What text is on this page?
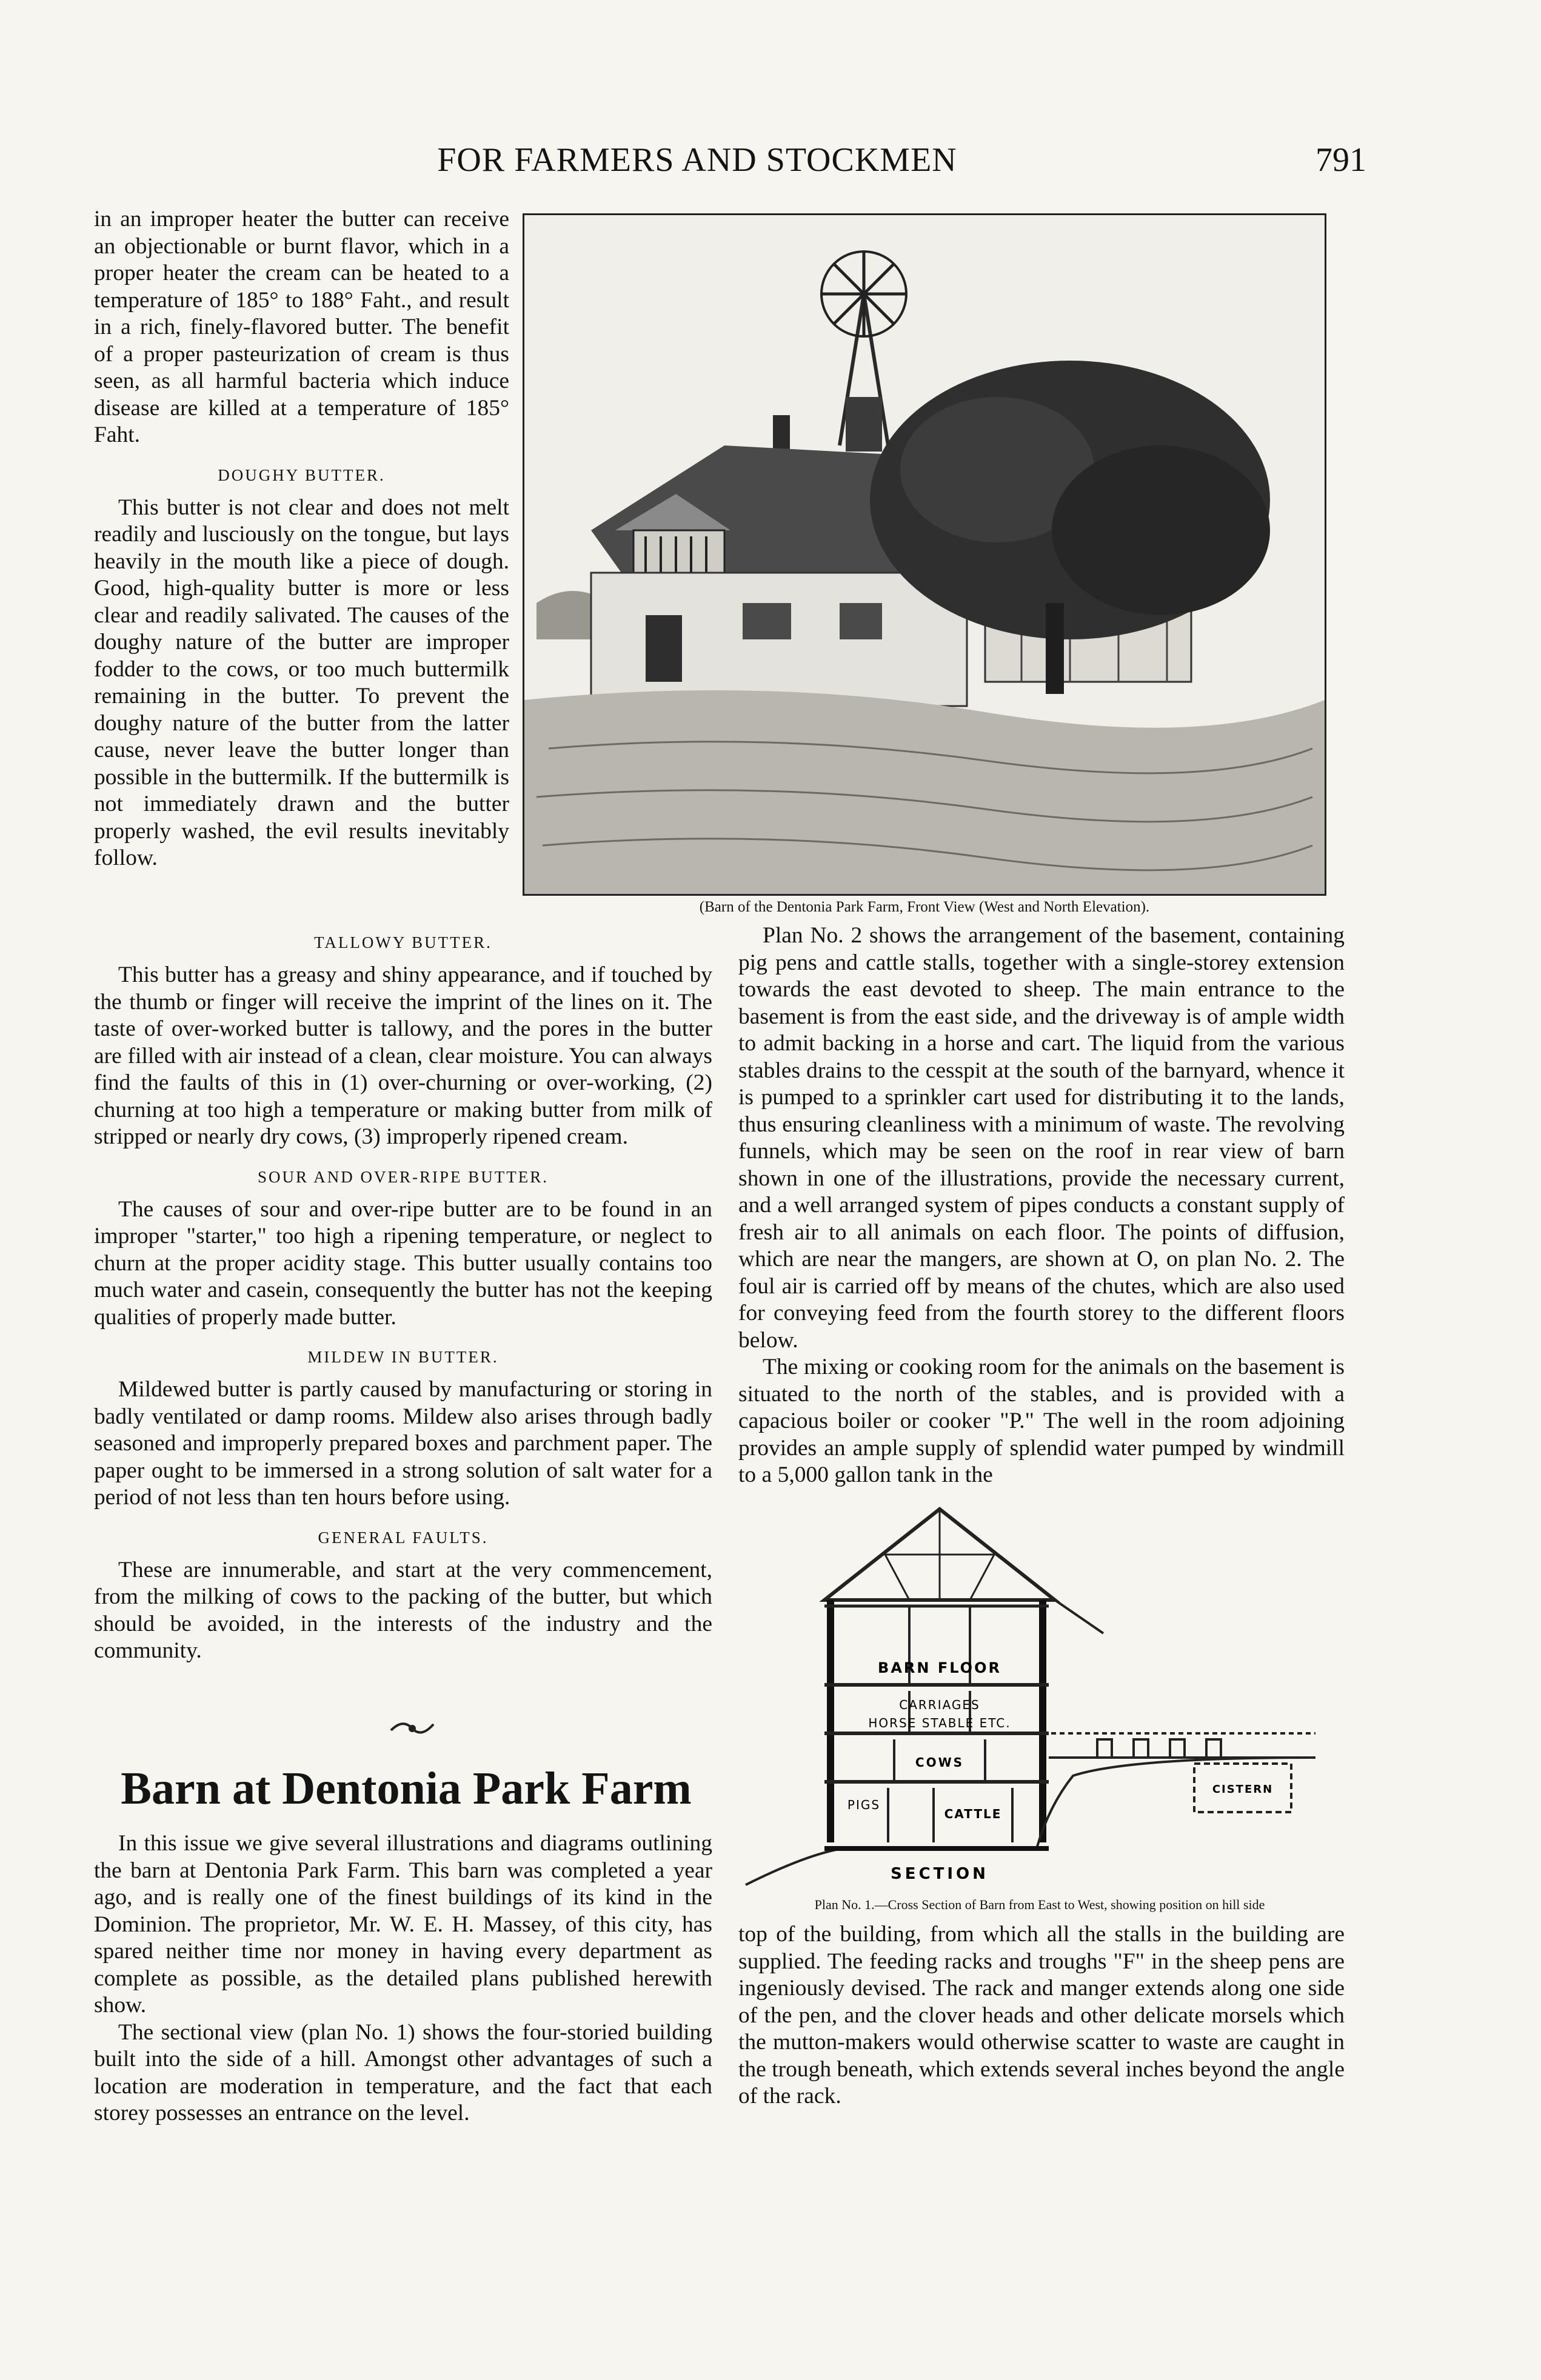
FOR FARMERS AND STOCKMEN	791

in an improper heater the butter can receive an objectionable or burnt flavor, which in a proper heater the cream can be heated to a temperature of 185° to 188° Faht., and result in a rich, finely-flavored butter. The benefit of a proper pasteurization of cream is thus seen, as all harmful bacteria which induce disease are killed at a temperature of 185° Faht.

DOUGHY BUTTER.

This butter is not clear and does not melt readily and lusciously on the tongue, but lays heavily in the mouth like a piece of dough. Good, high-quality butter is more or less clear and readily salivated. The causes of the doughy nature of the butter are improper fodder to the cows, or too much buttermilk remaining in the butter. To prevent the doughy nature of the butter from the latter cause, never leave the butter longer than possible in the buttermilk. If the buttermilk is not immediately drawn and the butter properly washed, the evil results inevitably follow.

(Barn of the Dentonia Park Farm, Front View (West and North Elevation).
TALLOWY BUTTER.

This butter has a greasy and shiny appearance, and if touched by the thumb or finger will receive the imprint of the lines on it. The taste of over-worked butter is tallowy, and the pores in the butter are filled with air instead of a clean, clear moisture. You can always find the faults of this in (1) over-churning or over-working, (2) churning at too high a temperature or making butter from milk of stripped or nearly dry cows, (3) improperly ripened cream.

SOUR AND OVER-RIPE BUTTER.

The causes of sour and over-ripe butter are to be found in an improper "starter," too high a ripening temperature, or neglect to churn at the proper acidity stage. This butter usually contains too much water and casein, consequently the butter has not the keeping qualities of properly made butter.

MILDEW IN BUTTER.

Mildewed butter is partly caused by manufacturing or storing in badly ventilated or damp rooms. Mildew also arises through badly seasoned and improperly prepared boxes and parchment paper. The paper ought to be immersed in a strong solution of salt water for a period of not less than ten hours before using.

GENERAL FAULTS.

These are innumerable, and start at the very commencement, from the milking of cows to the packing of the butter, but which should be avoided, in the interests of the industry and the community.

Barn at Dentonia Park Farm

In this issue we give several illustrations and diagrams outlining the barn at Dentonia Park Farm. This barn was completed a year ago, and is really one of the finest buildings of its kind in the Dominion. The proprietor, Mr. W. E. H. Massey, of this city, has spared neither time nor money in having every department as complete as possible, as the detailed plans published herewith show.

The sectional view (plan No. 1) shows the four-storied building built into the side of a hill. Amongst other advantages of such a location are moderation in temperature, and the fact that each storey possesses an entrance on the level.

Plan No. 2 shows the arrangement of the basement, containing pig pens and cattle stalls, together with a single-storey extension towards the east devoted to sheep. The main entrance to the basement is from the east side, and the driveway is of ample width to admit backing in a horse and cart. The liquid from the various stables drains to the cesspit at the south of the barnyard, whence it is pumped to a sprinkler cart used for distributing it to the lands, thus ensuring cleanliness with a minimum of waste. The revolving funnels, which may be seen on the roof in rear view of barn shown in one of the illustrations, provide the necessary current, and a well arranged system of pipes conducts a constant supply of fresh air to all animals on each floor. The points of diffusion, which are near the mangers, are shown at O, on plan No. 2. The foul air is carried off by means of the chutes, which are also used for conveying feed from the fourth storey to the different floors below.

The mixing or cooking room for the animals on the basement is situated to the north of the stables, and is provided with a capacious boiler or cooker "P." The well in the room adjoining provides an ample supply of splendid water pumped by windmill to a 5,000 gallon tank in the

BARN FLOOR
CARRIAGES
HORSE STABLE ETC.
COWS
PIGS
CATTLE
CISTERN
SECTION
Plan No. 1.—Cross Section of Barn from East to West, showing position on hill side

top of the building, from which all the stalls in the building are supplied. The feeding racks and troughs "F" in the sheep pens are ingeniously devised. The rack and manger extends along one side of the pen, and the clover heads and other delicate morsels which the mutton-makers would otherwise scatter to waste are caught in the trough beneath, which extends several inches beyond the angle of the rack.
